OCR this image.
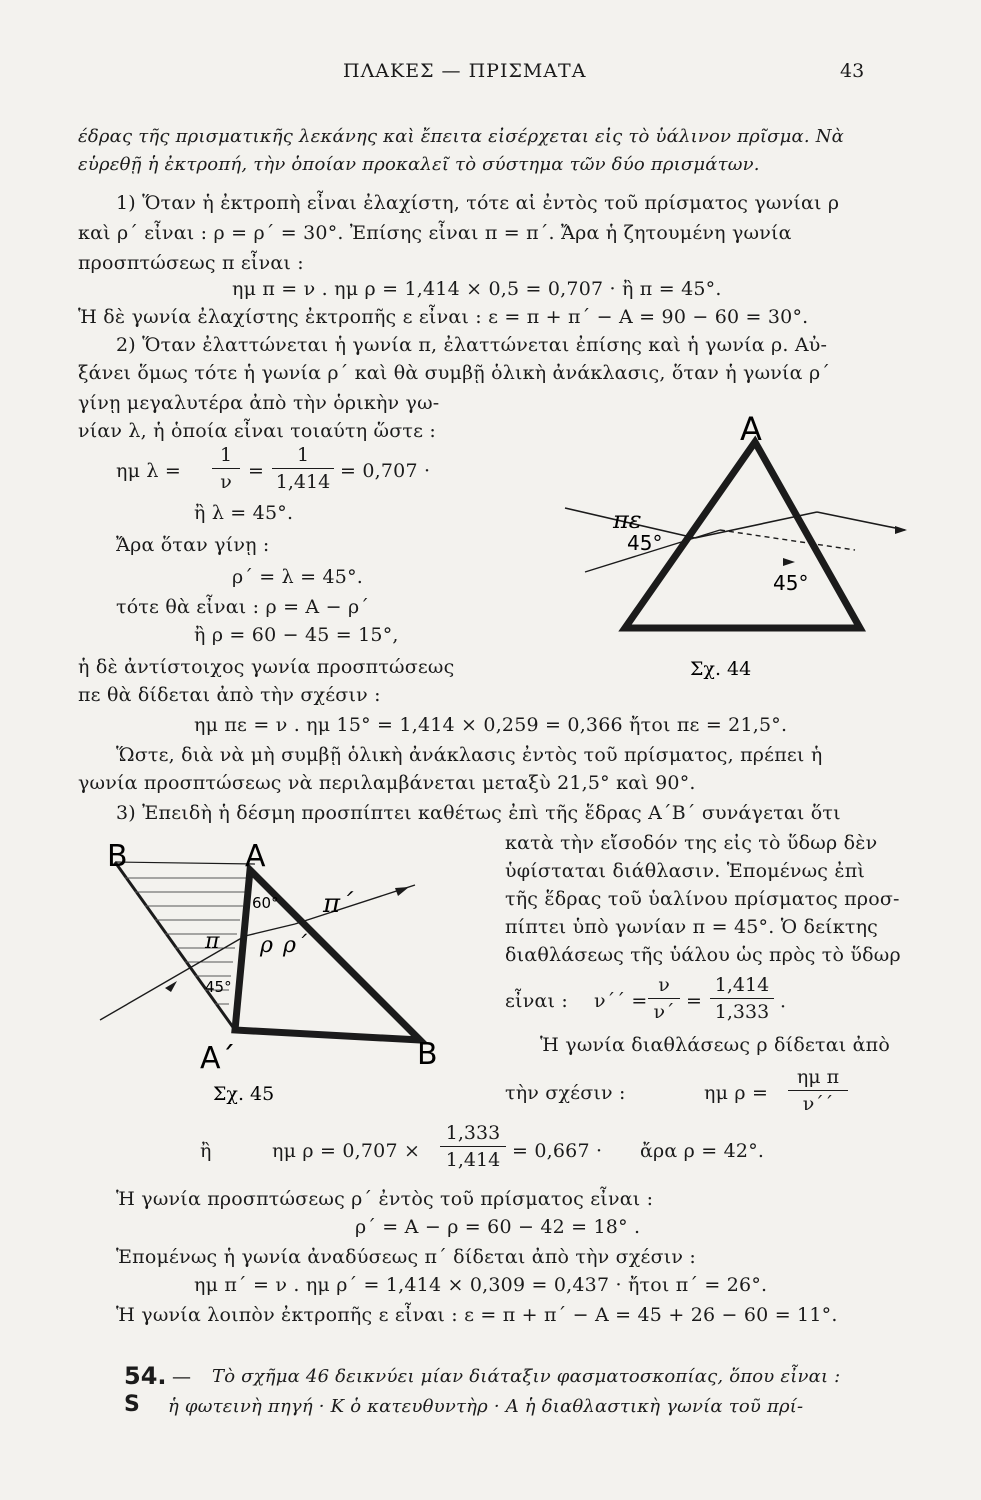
ΠΛΑΚΕΣ — ΠΡΙΣΜΑΤΑ	43
έδρας τῆς πρισματικῆς λεκάνης καὶ ἔπειτα εἰσέρχεται εἰς τὸ ὑάλινον πρῖσμα. Νὰ
εὑρεθῇ ἡ ἐκτροπή, τὴν ὁποίαν προκαλεῖ τὸ σύστημα τῶν δύο πρισμάτων.
1) Ὅταν ἡ ἐκτροπὴ εἶναι ἐλαχίστη, τότε αἱ ἐντὸς τοῦ πρίσματος γωνίαι ρ
καὶ ρ΄ εἶναι : ρ = ρ΄ = 30°. Ἐπίσης εἶναι π = π΄. Ἄρα ἡ ζητουμένη γωνία
προσπτώσεως π εἶναι :
ημ π = ν . ημ ρ = 1,414 × 0,5 = 0,707 · ἢ π = 45°.
Ἡ δὲ γωνία ἐλαχίστης ἐκτροπῆς ε εἶναι : ε = π + π΄ − Α = 90 − 60 = 30°.
2) Ὅταν ἐλαττώνεται ἡ γωνία π, ἐλαττώνεται ἐπίσης καὶ ἡ γωνία ρ. Αὐ-
ξάνει ὅμως τότε ἡ γωνία ρ΄ καὶ θὰ συμβῇ ὁλικὴ ἀνάκλασις, ὅταν ἡ γωνία ρ΄
γίνῃ μεγαλυτέρα ἀπὸ τὴν ὁρικὴν γω-
νίαν λ, ἡ ὁποία εἶναι τοιαύτη ὥστε :
ημ λ =
1
ν =
1
1,414 = 0,707 ·
ἢ λ = 45°.
Ἄρα ὅταν γίνῃ :
ρ΄ = λ = 45°.
τότε θὰ εἶναι : ρ = Α − ρ΄
ἢ ρ = 60 − 45 = 15°,
ἡ δὲ ἀντίστοιχος γωνία προσπτώσεως
πε θὰ δίδεται ἀπὸ τὴν σχέσιν :
ημ πε = ν . ημ 15° = 1,414 × 0,259 = 0,366 ἤτοι πε = 21,5°.
Ὥστε, διὰ νὰ μὴ συμβῇ ὁλικὴ ἀνάκλασις ἐντὸς τοῦ πρίσματος, πρέπει ἡ
γωνία προσπτώσεως νὰ περιλαμβάνεται μεταξὺ 21,5° καὶ 90°.
Α
πε
45°
45°
Σχ. 44
3) Ἐπειδὴ ἡ δέσμη προσπίπτει καθέτως ἐπὶ τῆς ἕδρας Α΄Β΄ συνάγεται ὅτι
κατὰ τὴν εἴσοδόν της εἰς τὸ ὕδωρ δὲν
ὑφίσταται διάθλασιν. Ἑπομένως ἐπὶ
τῆς ἕδρας τοῦ ὑαλίνου πρίσματος προσ-
πίπτει ὑπὸ γωνίαν π = 45°. Ὁ δείκτης
διαθλάσεως τῆς ὑάλου ὡς πρὸς τὸ ὕδωρ
εἶναι : ν΄΄ =
ν
ν΄ =
1,414
1,333 ·
Ἡ γωνία διαθλάσεως ρ δίδεται ἀπὸ
τὴν σχέσιν :	ημ ρ =
ημ π
ν΄΄
Β	Α
Α΄	Β
60°
45°
π
π΄
ρ ρ΄
Σχ. 45
ἢ	ημ ρ = 0,707 ×
1,333
1,414 = 0,667 · ἄρα ρ = 42°.
Ἡ γωνία προσπτώσεως ρ΄ ἐντὸς τοῦ πρίσματος εἶναι :
ρ΄ = Α − ρ = 60 − 42 = 18° .
Ἑπομένως ἡ γωνία ἀναδύσεως π΄ δίδεται ἀπὸ τὴν σχέσιν :
ημ π΄ = ν . ημ ρ΄ = 1,414 × 0,309 = 0,437 · ἤτοι π΄ = 26°.
Ἡ γωνία λοιπὸν ἐκτροπῆς ε εἶναι : ε = π + π΄ − Α = 45 + 26 − 60 = 11°.
54. — Τὸ σχῆμα 46 δεικνύει μίαν διάταξιν φασματοσκοπίας, ὅπου εἶναι :
S ἡ φωτεινὴ πηγή · Κ ὁ κατευθυντὴρ · Α ἡ διαθλαστικὴ γωνία τοῦ πρί-
